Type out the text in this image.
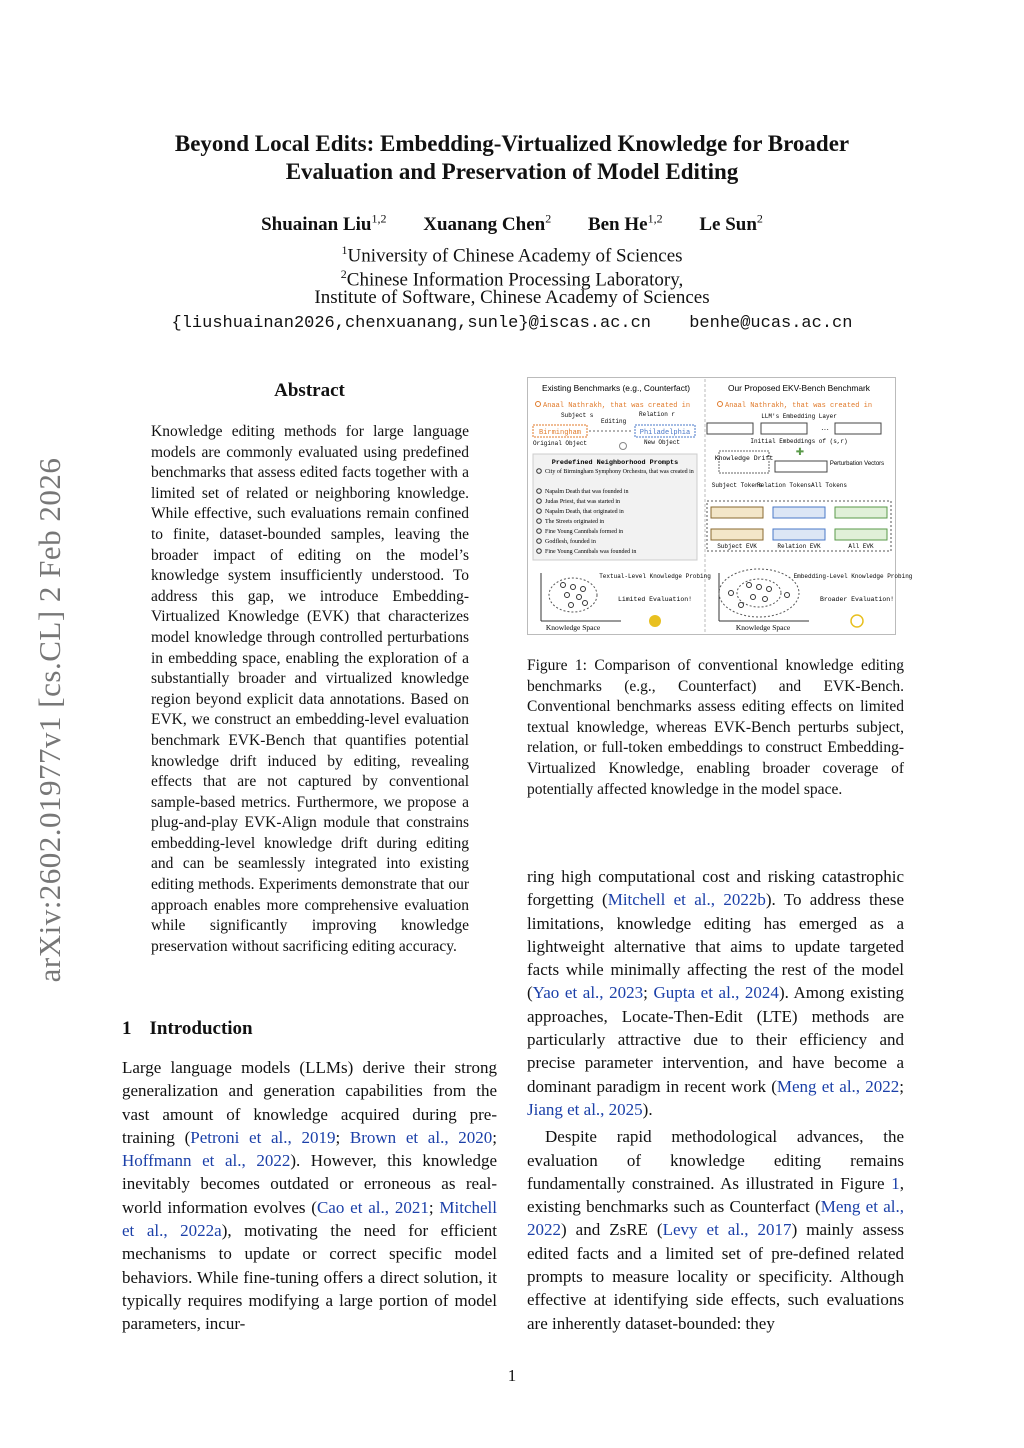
Beyond Local Edits: Embedding-Virtualized Knowledge for Broader
Evaluation and Preservation of Model Editing
Shuainan Liu$^{1,2}$ Xuanang Chen$^2$ Ben He$^{1,2}$ Le Sun$^2$
$^1$University of Chinese Academy of Sciences
$^2$Chinese Information Processing Laboratory,
Institute of Software, Chinese Academy of Sciences
{liushuainan2026,chenxuanang,sunle}@iscas.ac.cn benhe@ucas.ac.cn
arXiv:2602.01977v1 [cs.CL] 2 Feb 2026
Abstract
Knowledge editing methods for large language models are commonly evaluated using predefined benchmarks that assess edited facts together with a limited set of related or neighboring knowledge. While effective, such evaluations remain confined to finite, dataset-bounded samples, leaving the broader impact of editing on the model’s knowledge system insufficiently understood. To address this gap, we introduce Embedding-Virtualized Knowledge (EVK) that characterizes model knowledge through controlled perturbations in embedding space, enabling the exploration of a substantially broader and virtualized knowledge region beyond explicit data annotations. Based on EVK, we construct an embedding-level evaluation benchmark EVK-Bench that quantifies potential knowledge drift induced by editing, revealing effects that are not captured by conventional sample-based metrics. Furthermore, we propose a plug-and-play EVK-Align module that constrains embedding-level knowledge drift during editing and can be seamlessly integrated into existing editing methods. Experiments demonstrate that our approach enables more comprehensive evaluation while significantly improving knowledge preservation without sacrificing editing accuracy.
1 Introduction

Large language models (LLMs) derive their strong generalization and generation capabilities from the vast amount of knowledge acquired during pre-training (Petroni et al., 2019; Brown et al., 2020; Hoffmann et al., 2022). However, this knowledge inevitably becomes outdated or erroneous as real-world information evolves (Cao et al., 2021; Mitchell et al., 2022a), motivating the need for efficient mechanisms to update or correct specific model behaviors. While fine-tuning offers a direct solution, it typically requires modifying a large portion of model parameters, incur-

Existing Benchmarks (e.g., Counterfact)
Anaal Nathrakh, that was created in
Subject s	Relation r
Editing
Birmingham	Philadelphia
Original Object	New Object
Predefined Neighborhood Prompts
City of Birmingham Symphony Orchestra, that was created in
Napalm Death that was founded in
Judas Priest, that was started in
Napalm Death, that originated in
The Streets originated in
Fine Young Cannibals formed in
Godflesh, founded in
Fine Young Cannibals was founded in
Textual-Level Knowledge Probing
Limited Evaluation!
Knowledge Space
Our Proposed EKV-Bench Benchmark
Anaal Nathrakh, that was created in
LLM's Embedding Layer
···
Initial Embeddings of (s,r)
Knowledge Drift
✚
Perturbation Vectors
Subject Tokens
Relation Tokens All Tokens
Subject EVK	Relation EVK	All EVK
Embedding-Level Knowledge Probing
Broader Evaluation!
Knowledge Space
Figure 1: Comparison of conventional knowledge editing benchmarks (e.g., Counterfact) and EVK-Bench. Conventional benchmarks assess editing effects on limited textual knowledge, whereas EVK-Bench perturbs subject, relation, or full-token embeddings to construct Embedding-Virtualized Knowledge, enabling broader coverage of potentially affected knowledge in the model space.

ring high computational cost and risking catastrophic forgetting (Mitchell et al., 2022b). To address these limitations, knowledge editing has emerged as a lightweight alternative that aims to update targeted facts while minimally affecting the rest of the model (Yao et al., 2023; Gupta et al., 2024). Among existing approaches, Locate-Then-Edit (LTE) methods are particularly attractive due to their efficiency and precise parameter intervention, and have become a dominant paradigm in recent work (Meng et al., 2022; Jiang et al., 2025).

Despite rapid methodological advances, the evaluation of knowledge editing remains fundamentally constrained. As illustrated in Figure 1, existing benchmarks such as Counterfact (Meng et al., 2022) and ZsRE (Levy et al., 2017) mainly assess edited facts and a limited set of pre-defined related prompts to measure locality or specificity. Although effective at identifying side effects, such evaluations are inherently dataset-bounded: they

1
